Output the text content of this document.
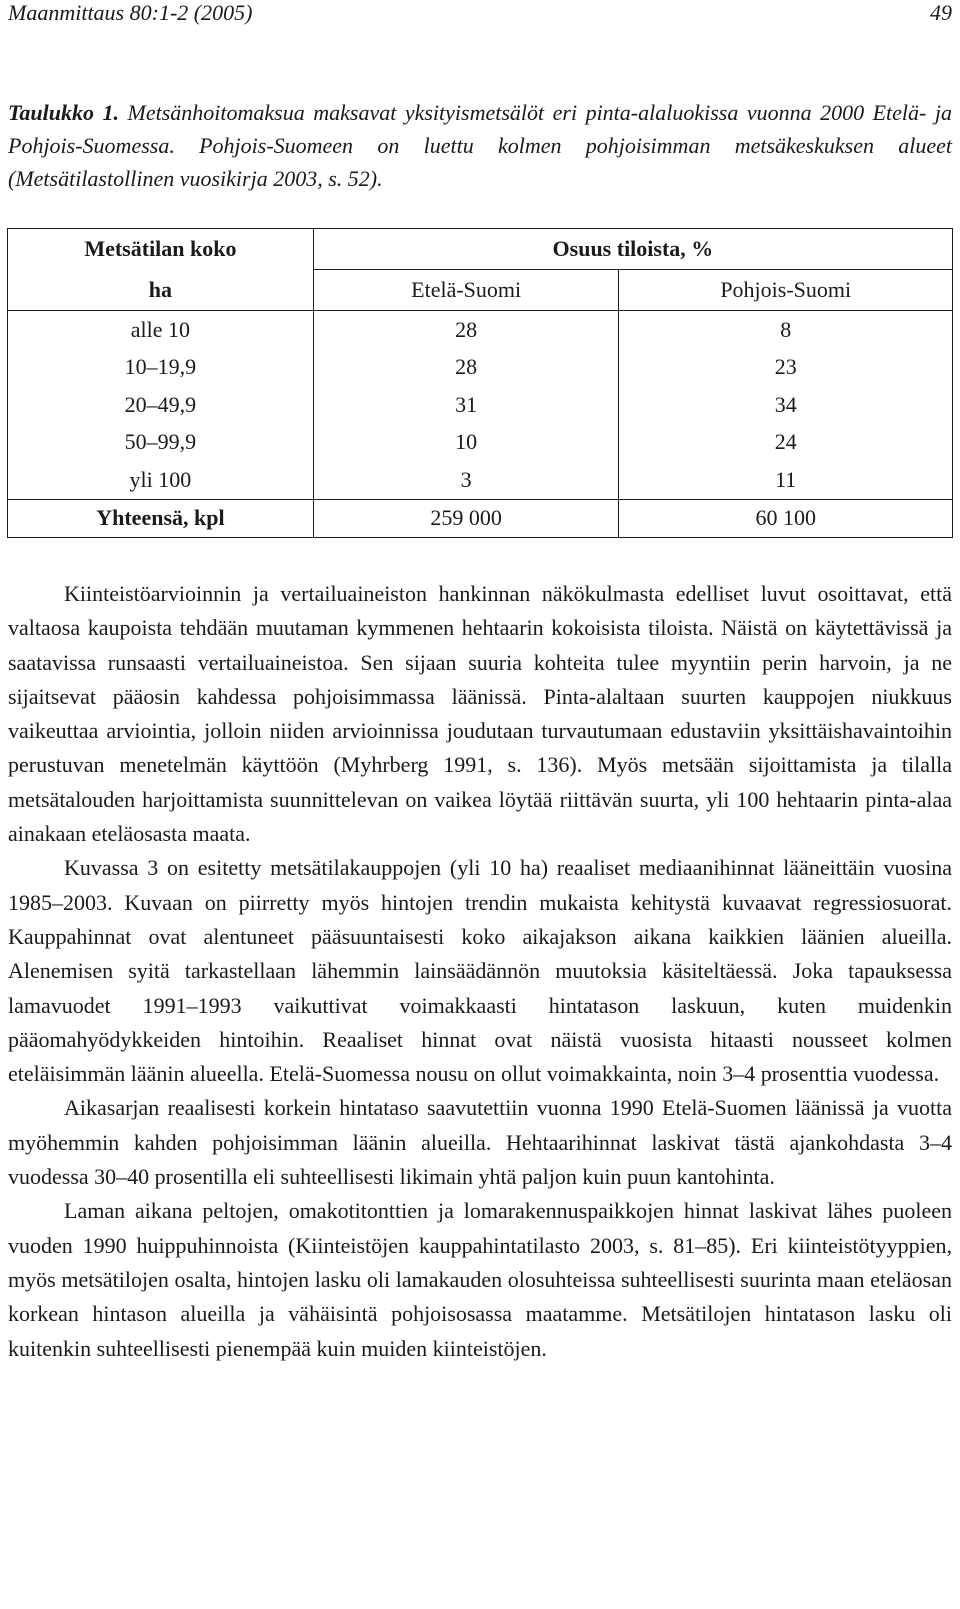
Maanmittaus 80:1-2 (2005)	49
Taulukko 1. Metsänhoitomaksua maksavat yksityismetsälöt eri pinta-alaluokissa vuonna 2000 Etelä- ja Pohjois-Suomessa. Pohjois-Suomeen on luettu kolmen pohjoisimman metsäkeskuksen alueet (Metsätilastollinen vuosikirja 2003, s. 52).
Metsätilan koko	Osuus tiloista, %	
ha	Etelä-Suomi	Pohjois-Suomi
alle 10	28	8
10–19,9	28	23
20–49,9	31	34
50–99,9	10	24
yli 100	3	11
Yhteensä, kpl	259 000	60 100

Kiinteistöarvioinnin ja vertailuaineiston hankinnan näkökulmasta edelliset luvut osoittavat, että valtaosa kaupoista tehdään muutaman kymmenen hehtaarin kokoisista tiloista. Näistä on käytettävissä ja saatavissa runsaasti vertailuaineistoa. Sen sijaan suuria kohteita tulee myyntiin perin harvoin, ja ne sijaitsevat pääosin kahdessa pohjoisimmassa läänissä. Pinta-alaltaan suurten kauppojen niukkuus vaikeuttaa arviointia, jolloin niiden arvioinnissa joudutaan turvautumaan edustaviin yksittäishavaintoihin perustuvan menetelmän käyttöön (Myhrberg 1991, s. 136). Myös metsään sijoittamista ja tilalla metsätalouden harjoittamista suunnittelevan on vaikea löytää riittävän suurta, yli 100 hehtaarin pinta-alaa ainakaan eteläosasta maata.

Kuvassa 3 on esitetty metsätilakauppojen (yli 10 ha) reaaliset mediaanihinnat lääneittäin vuosina 1985–2003. Kuvaan on piirretty myös hintojen trendin mukaista kehitystä kuvaavat regressiosuorat. Kauppahinnat ovat alentuneet pääsuuntaisesti koko aikajakson aikana kaikkien läänien alueilla. Alenemisen syitä tarkastellaan lähemmin lainsäädännön muutoksia käsiteltäessä. Joka tapauksessa lamavuodet 1991–1993 vaikuttivat voimakkaasti hintatason laskuun, kuten muidenkin pääomahyödykkeiden hintoihin. Reaaliset hinnat ovat näistä vuosista hitaasti nousseet kolmen eteläisimmän läänin alueella. Etelä-Suomessa nousu on ollut voimakkainta, noin 3–4 prosenttia vuodessa.

Aikasarjan reaalisesti korkein hintataso saavutettiin vuonna 1990 Etelä-Suomen läänissä ja vuotta myöhemmin kahden pohjoisimman läänin alueilla. Hehtaarihinnat laskivat tästä ajankohdasta 3–4 vuodessa 30–40 prosentilla eli suhteellisesti likimain yhtä paljon kuin puun kantohinta.

Laman aikana peltojen, omakotitonttien ja lomarakennuspaikkojen hinnat laskivat lähes puoleen vuoden 1990 huippuhinnoista (Kiinteistöjen kauppahintatilasto 2003, s. 81–85). Eri kiinteistötyyppien, myös metsätilojen osalta, hintojen lasku oli lamakauden olosuhteissa suhteellisesti suurinta maan eteläosan korkean hintason alueilla ja vähäisintä pohjoisosassa maatamme. Metsätilojen hintatason lasku oli kuitenkin suhteellisesti pienempää kuin muiden kiinteistöjen.
